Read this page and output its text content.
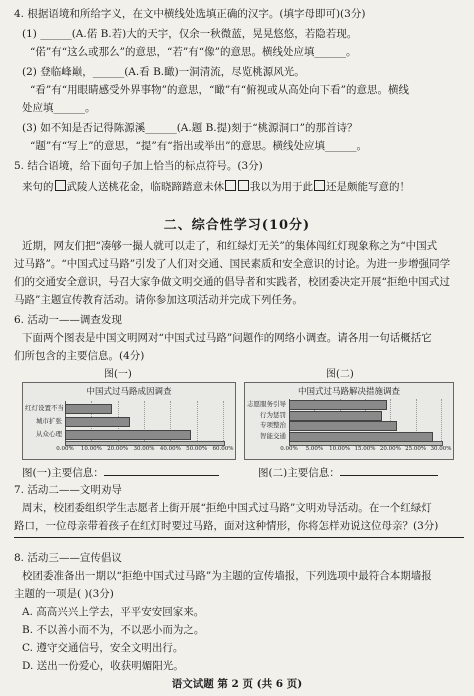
4. 根据语境和所给字义，在文中横线处选填正确的汉字。(填字母即可)(3分)
(1) ______(A.偌 B.若)大的天宇，仅余一秋微蓝，晃晃悠悠，若隐若现。
“偌”有“这么或那么”的意思，“若”有“像”的意思。横线处应填______。
(2) 登临峰巅，______(A.看 B.瞰)一洞清流，尽览桃源风光。
“看”有“用眼睛感受外界事物”的意思，“瞰”有“俯视或从高处向下看”的意思。横线
处应填______。
(3) 如不知是否记得陈源溪______(A.题 B.提)刻于“桃源洞口”的那首诗？
“题”有“写上”的意思，“提”有“指出或举出”的意思。横线处应填______。
5. 结合语境，给下面句子加上恰当的标点符号。(3分)
来句的 武陵人送桃花金，临晓蹄踏意未休 我以为用于此 还是颇能写意的！
二、综合性学习(10分)
近期，网友们把“凑够一撮人就可以走了，和红绿灯无关”的集体闯红灯现象称之为“中国式
过马路”。“中国式过马路”引发了人们对交通、国民素质和安全意识的讨论。为进一步增强同学
们的交通安全意识，号召大家争做文明交通的倡导者和实践者，校团委决定开展“拒绝中国式过
马路”主题宣传教育活动。请你参加这项活动并完成下列任务。
6. 活动一——调查发现
下面两个图表是中国文明网对“中国式过马路”问题作的网络小调查。请各用一句话概括它
们所包含的主要信息。(4分)
图(一)	图(二)
中国式过马路成因调查
0.00% 10.00% 20.00% 30.00% 40.00% 50.00% 60.00%
红灯设置不当
城市扩张
从众心理
中国式过马路解决措施调查
0.00% 5.00% 10.00% 15.00% 20.00% 25.00% 30.00%
志愿服务引导
行为惩罚
专项整治
智能交通
图(一)主要信息：	图(二)主要信息：
7. 活动二——文明劝导
周末，校团委组织学生志愿者上街开展“拒绝中国式过马路”文明劝导活动。在一个红绿灯
路口，一位母亲带着孩子在红灯时要过马路，面对这种情形，你将怎样劝说这位母亲？(3分)
8. 活动三——宣传倡议
校团委准备出一期以“拒绝中国式过马路”为主题的宣传墙报，下列选项中最符合本期墙报
主题的一项是( )(3分)
A. 高高兴兴上学去，平平安安回家来。
B. 不以善小而不为，不以恶小而为之。
C. 遵守交通信号，安全文明出行。
D. 送出一份爱心，收获明媚阳光。
语文试题 第 2 页 (共 6 页)
